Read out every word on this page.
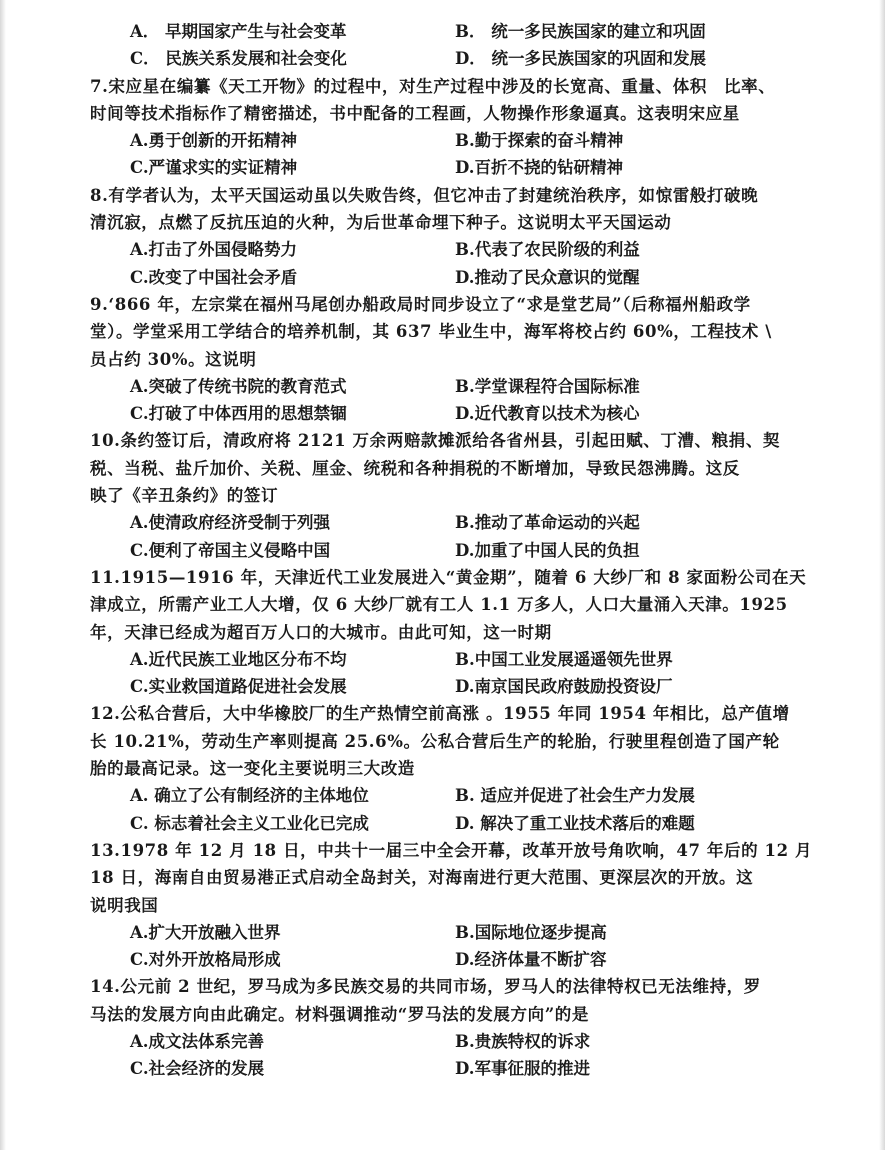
A． 早期国家产生与社会变革	B． 统一多民族国家的建立和巩固
C． 民族关系发展和社会变化	D． 统一多民族国家的巩固和发展
7.宋应星在编纂《天工开物》的过程中，对生产过程中涉及的长宽高、重量、体积　比率、
时间等技术指标作了精密描述，书中配备的工程画，人物操作形象逼真。这表明宋应星
A.勇于创新的开拓精神	B.勤于探索的奋斗精神
C.严谨求实的实证精神	D.百折不挠的钻研精神
8.有学者认为，太平天国运动虽以失败告终，但它冲击了封建统治秩序，如惊雷般打破晚
清沉寂，点燃了反抗压迫的火种，为后世革命埋下种子。这说明太平天国运动
A.打击了外国侵略势力	B.代表了农民阶级的利益
C.改变了中国社会矛盾	D.推动了民众意识的觉醒
9.‘866 年，左宗棠在福州马尾创办船政局时同步设立了“求是堂艺局”（后称福州船政学
堂）。学堂采用工学结合的培养机制，其 637 毕业生中，海军将校占约 60%，工程技术 \
员占约 30%。这说明
A.突破了传统书院的教育范式	B.学堂课程符合国际标准
C.打破了中体西用的思想禁锢	D.近代教育以技术为核心
10.条约签订后，清政府将 2121 万余两赔款摊派给各省州县，引起田赋、丁漕、粮捐、契
税、当税、盐斤加价、关税、厘金、统税和各种捐税的不断增加，导致民怨沸腾。这反
映了《辛丑条约》的签订
A.使清政府经济受制于列强	B.推动了革命运动的兴起
C.便利了帝国主义侵略中国	D.加重了中国人民的负担
11.1915—1916 年，天津近代工业发展进入“黄金期”，随着 6 大纱厂和 8 家面粉公司在天
津成立，所需产业工人大增，仅 6 大纱厂就有工人 1.1 万多人，人口大量涌入天津。1925
年，天津已经成为超百万人口的大城市。由此可知，这一时期
A.近代民族工业地区分布不均	B.中国工业发展遥遥领先世界
C.实业救国道路促进社会发展	D.南京国民政府鼓励投资设厂
12.公私合营后，大中华橡胶厂的生产热情空前高涨 。1955 年同 1954 年相比，总产值增
长 10.21%，劳动生产率则提高 25.6%。公私合营后生产的轮胎，行驶里程创造了国产轮
胎的最高记录。这一变化主要说明三大改造
A. 确立了公有制经济的主体地位	B. 适应并促进了社会生产力发展
C. 标志着社会主义工业化已完成	D. 解决了重工业技术落后的难题
13.1978 年 12 月 18 日，中共十一届三中全会开幕，改革开放号角吹响，47 年后的 12 月
18 日，海南自由贸易港正式启动全岛封关，对海南进行更大范围、更深层次的开放。这
说明我国
A.扩大开放融入世界	B.国际地位逐步提高
C.对外开放格局形成	D.经济体量不断扩容
14.公元前 2 世纪，罗马成为多民族交易的共同市场，罗马人的法律特权已无法维持，罗
马法的发展方向由此确定。材料强调推动“罗马法的发展方向”的是
A.成文法体系完善	B.贵族特权的诉求
C.社会经济的发展	D.军事征服的推进
